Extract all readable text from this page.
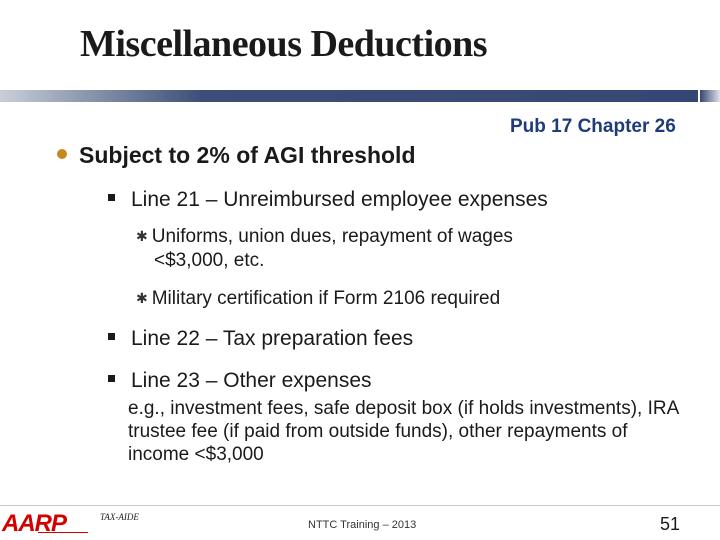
Miscellaneous Deductions
Pub 17 Chapter 26
Subject to 2% of AGI threshold
Line 21 – Unreimbursed employee expenses
✱ Uniforms, union dues, repayment of wages
<$3,000, etc.
✱ Military certification if Form 2106 required
Line 22 – Tax preparation fees
Line 23 – Other expenses
e.g., investment fees, safe deposit box (if holds investments), IRA trustee fee (if paid from outside funds), other repayments of income <$3,000
AARP	TAX-AIDE
NTTC Training – 2013	51
